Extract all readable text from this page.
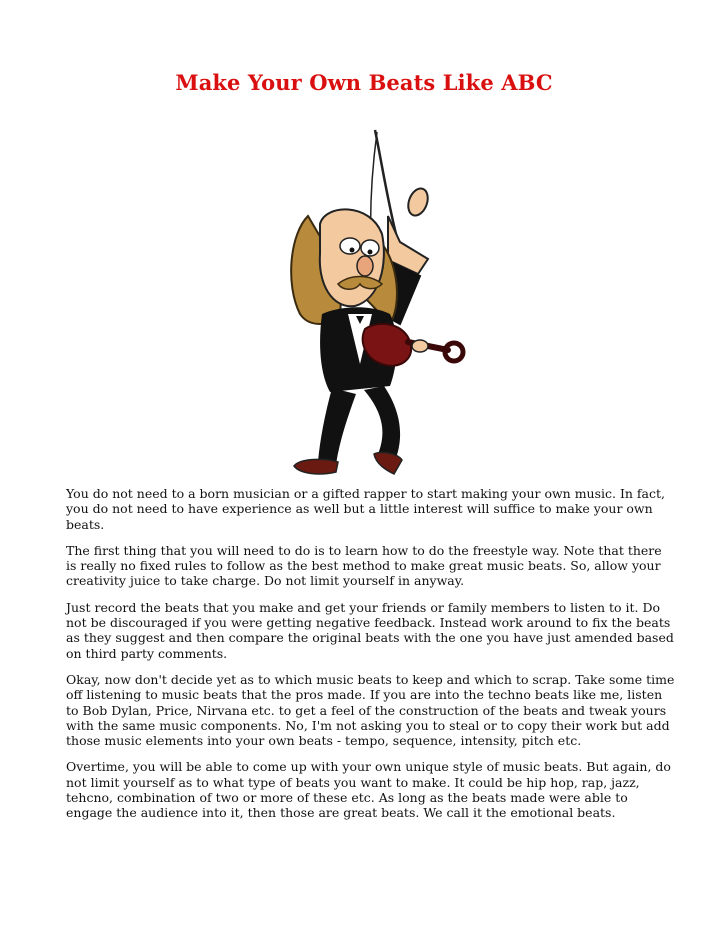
Make Your Own Beats Like ABC

You do not need to a born musician or a gifted rapper to start making your own music. In fact, you do not need to have experience as well but a little interest will suffice to make your own beats.

The first thing that you will need to do is to learn how to do the freestyle way. Note that there is really no fixed rules to follow as the best method to make great music beats. So, allow your creativity juice to take charge. Do not limit yourself in anyway.

Just record the beats that you make and get your friends or family members to listen to it. Do not be discouraged if you were getting negative feedback. Instead work around to fix the beats as they suggest and then compare the original beats with the one you have just amended based on third party comments.

Okay, now don't decide yet as to which music beats to keep and which to scrap. Take some time off listening to music beats that the pros made. If you are into the techno beats like me, listen to Bob Dylan, Price, Nirvana etc. to get a feel of the construction of the beats and tweak yours with the same music components. No, I'm not asking you to steal or to copy their work but add those music elements into your own beats - tempo, sequence, intensity, pitch etc.

Overtime, you will be able to come up with your own unique style of music beats. But again, do not limit yourself as to what type of beats you want to make. It could be hip hop, rap, jazz, tehcno, combination of two or more of these etc. As long as the beats made were able to engage the audience into it, then those are great beats. We call it the emotional beats.
